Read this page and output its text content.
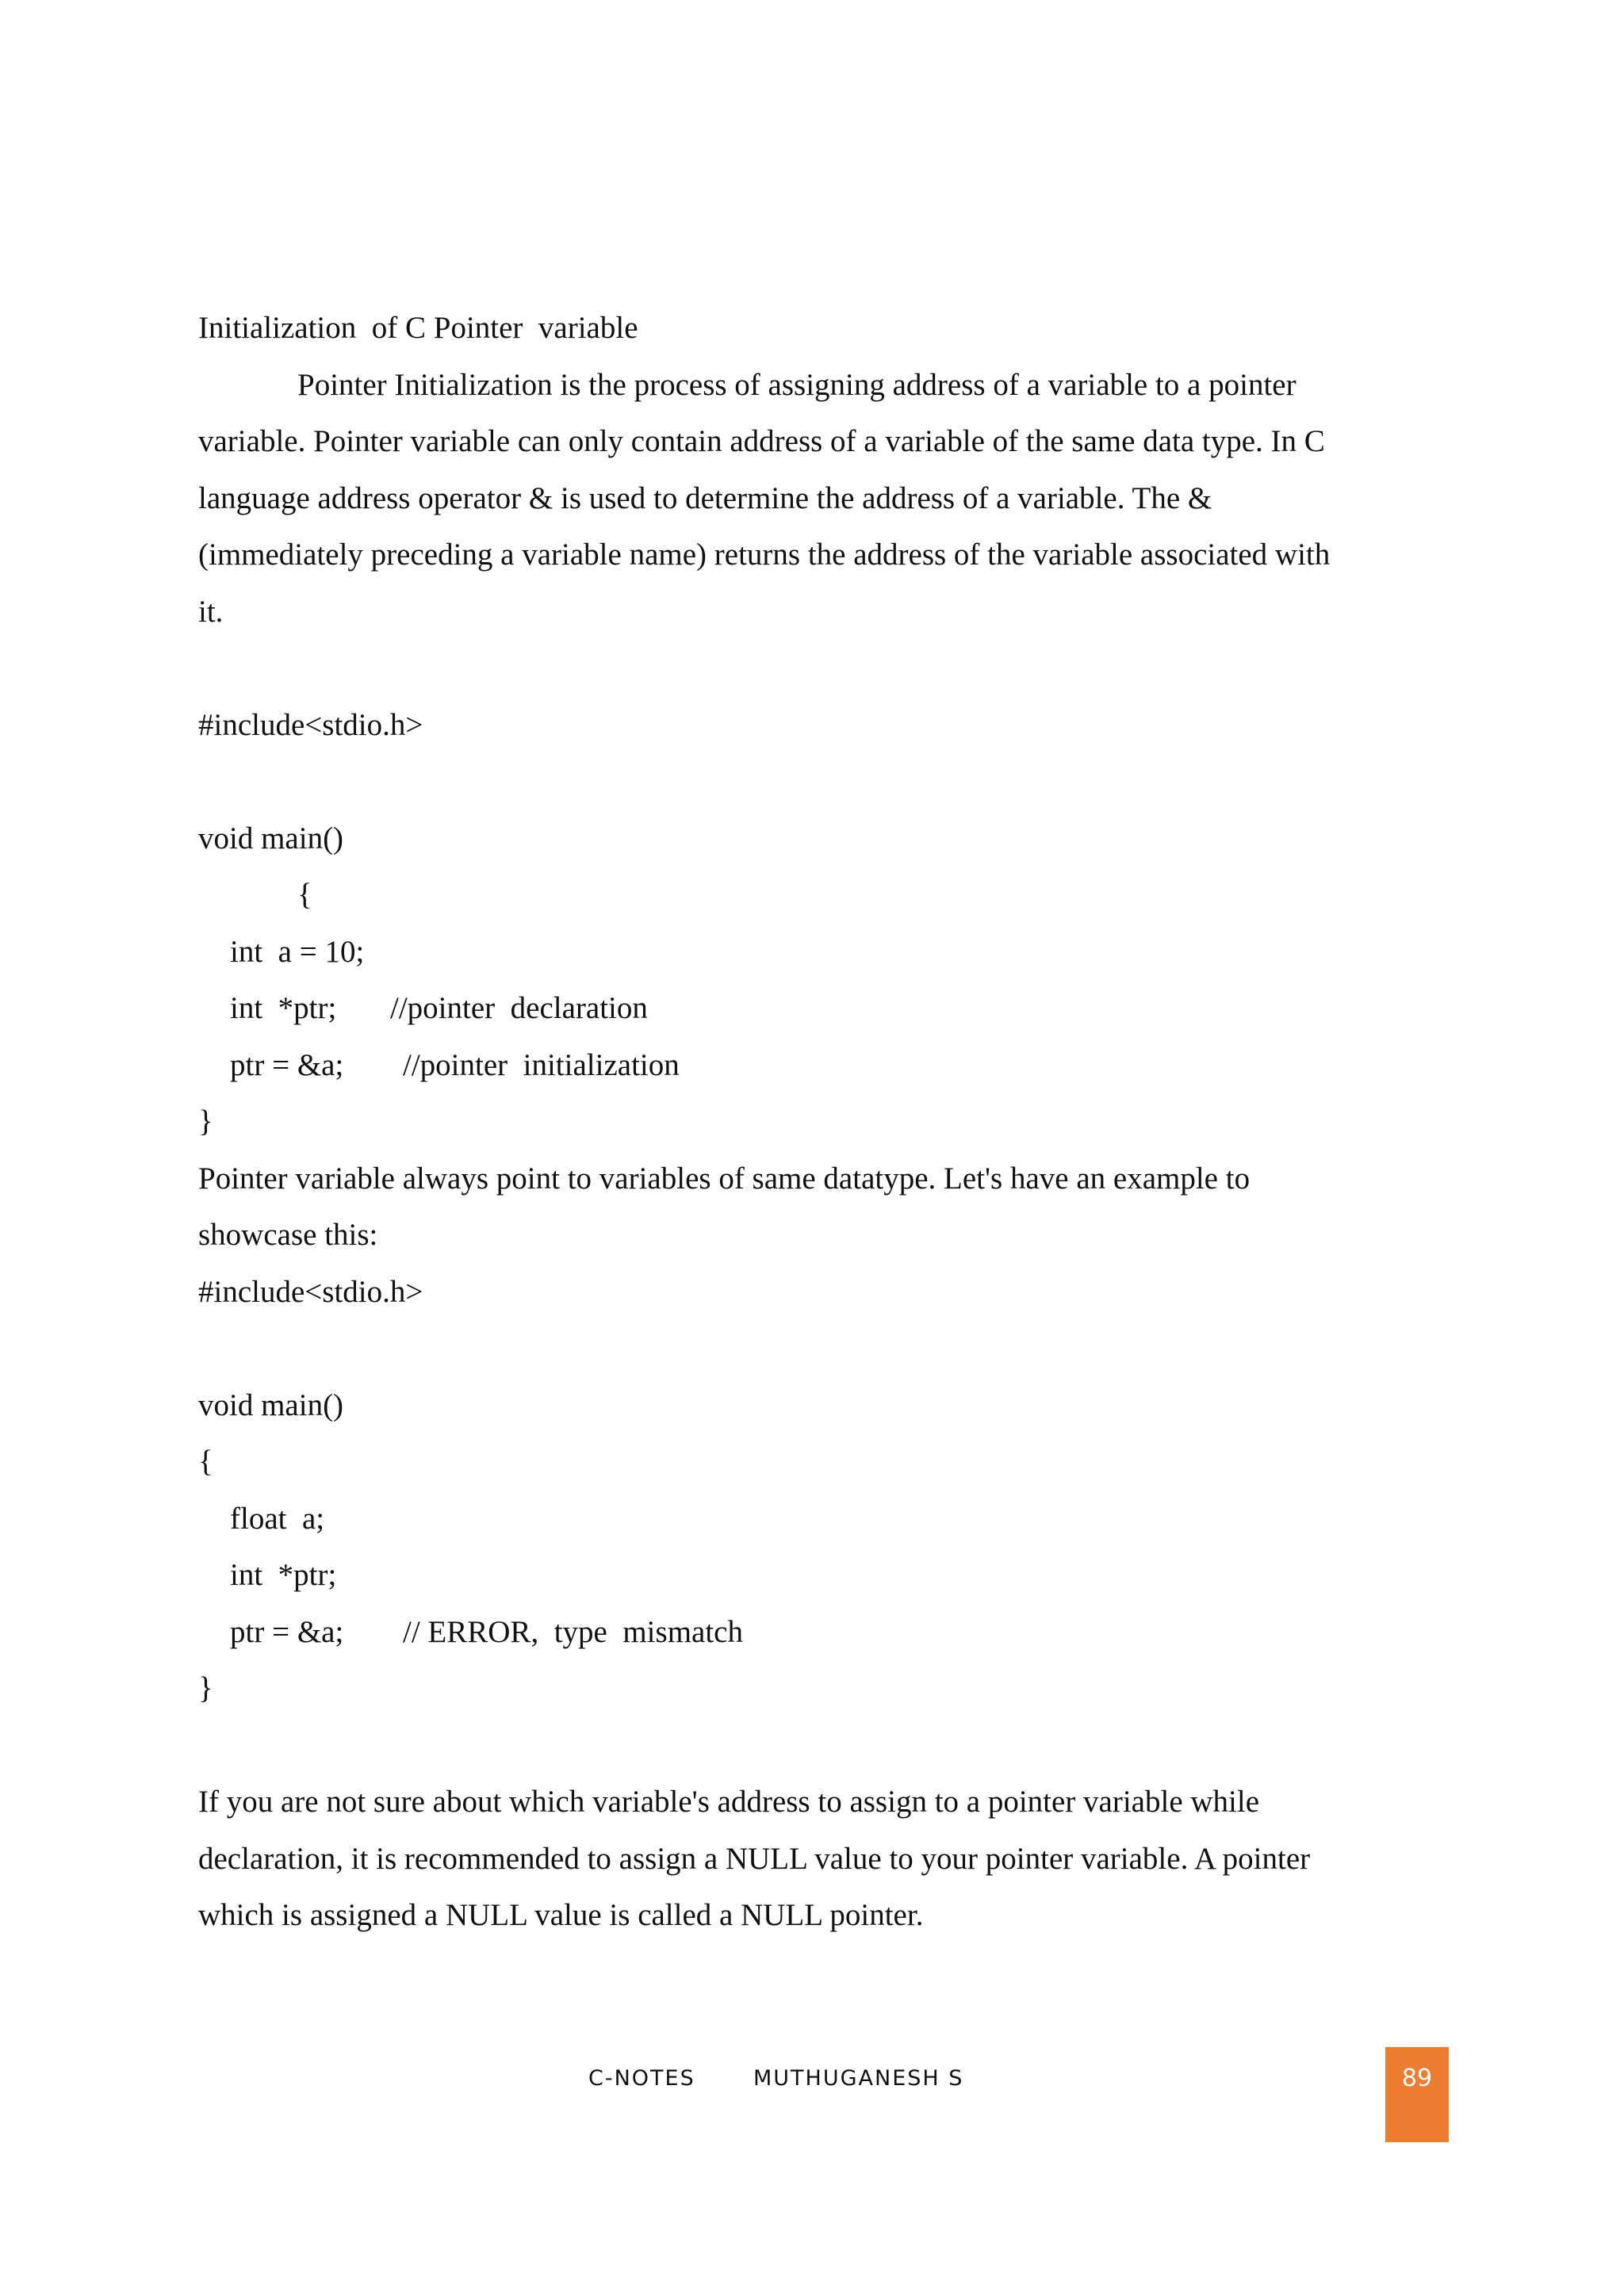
Initialization  of C Pointer  variable
Pointer Initialization is the process of assigning address of a variable to a pointer
variable. Pointer variable can only contain address of a variable of the same data type. In C
language address operator & is used to determine the address of a variable. The &
(immediately preceding a variable name) returns the address of the variable associated with
it.
#include<stdio.h>
void main()
{
int  a = 10;
int  *ptr; //pointer  declaration
ptr = &a; //pointer  initialization
}
Pointer variable always point to variables of same datatype. Let's have an example to
showcase this:
#include<stdio.h>
void main()
{
float  a;
int  *ptr;
ptr = &a; // ERROR,  type  mismatch
}
If you are not sure about which variable's address to assign to a pointer variable while
declaration, it is recommended to assign a NULL value to your pointer variable. A pointer
which is assigned a NULL value is called a NULL pointer.
C-NOTES	MUTHUGANESH S	89
